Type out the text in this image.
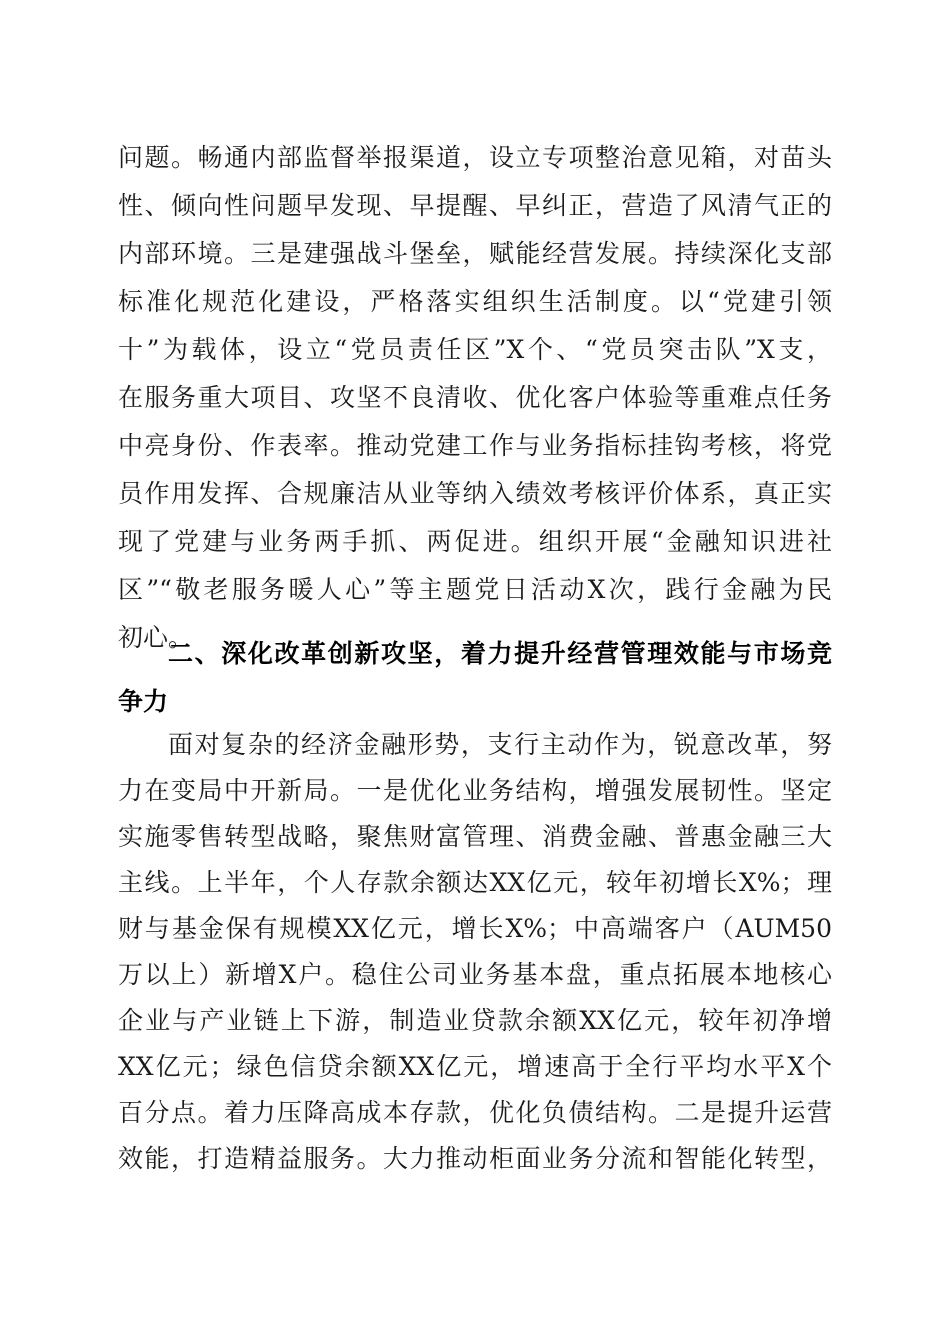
问题。畅通内部监督举报渠道，设立专项整治意见箱，对苗头
性、倾向性问题早发现、早提醒、早纠正，营造了风清气正的
内部环境。三是建强战斗堡垒，赋能经营发展。持续深化支部
标准化规范化建设，严格落实组织生活制度。以“党建引领
十”为载体，设立“党员责任区”X个、“党员突击队”X支，
在服务重大项目、攻坚不良清收、优化客户体验等重难点任务
中亮身份、作表率。推动党建工作与业务指标挂钩考核，将党
员作用发挥、合规廉洁从业等纳入绩效考核评价体系，真正实
现了党建与业务两手抓、两促进。组织开展“金融知识进社
区”“敬老服务暖人心”等主题党日活动X次，践行金融为民
初心。
二、深化改革创新攻坚，着力提升经营管理效能与市场竞
争力
面对复杂的经济金融形势，支行主动作为，锐意改革，努
力在变局中开新局。一是优化业务结构，增强发展韧性。坚定
实施零售转型战略，聚焦财富管理、消费金融、普惠金融三大
主线。上半年，个人存款余额达XX亿元，较年初增长X%；理
财与基金保有规模XX亿元，增长X%；中高端客户（AUM50
万以上）新增X户。稳住公司业务基本盘，重点拓展本地核心
企业与产业链上下游，制造业贷款余额XX亿元，较年初净增
XX亿元；绿色信贷余额XX亿元，增速高于全行平均水平X个
百分点。着力压降高成本存款，优化负债结构。二是提升运营
效能，打造精益服务。大力推动柜面业务分流和智能化转型，
